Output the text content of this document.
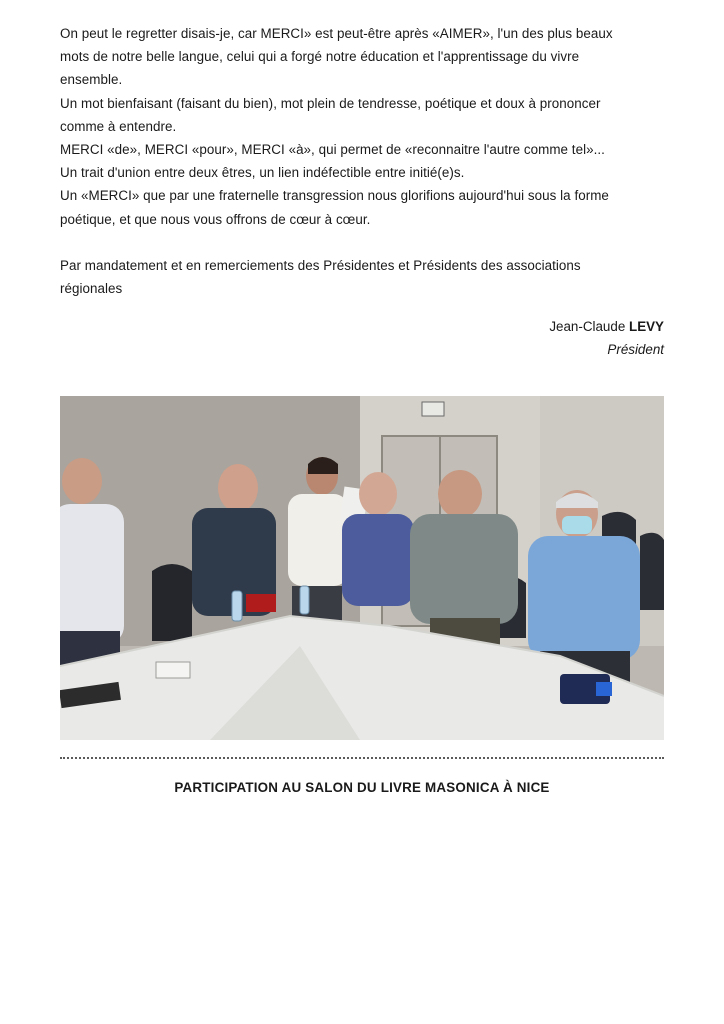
On peut le regretter disais-je, car MERCI» est peut-être après «AIMER», l'un des plus beaux

mots de notre belle langue, celui qui a forgé notre éducation et l'apprentissage du vivre

ensemble.

Un mot bienfaisant (faisant du bien), mot plein de tendresse, poétique et doux à prononcer

comme à entendre.

MERCI «de», MERCI «pour», MERCI «à», qui permet de «reconnaitre l'autre comme tel»...

Un trait d'union entre deux êtres, un lien indéfectible entre initié(e)s.

Un «MERCI» que par une fraternelle transgression nous glorifions aujourd'hui sous la forme

poétique, et que nous vous offrons de cœur à cœur.

Par mandatement et en remerciements des Présidentes et Présidents des associations

régionales

Jean-Claude LEVY
Président
PARTICIPATION AU SALON DU LIVRE MASONICA À NICE
